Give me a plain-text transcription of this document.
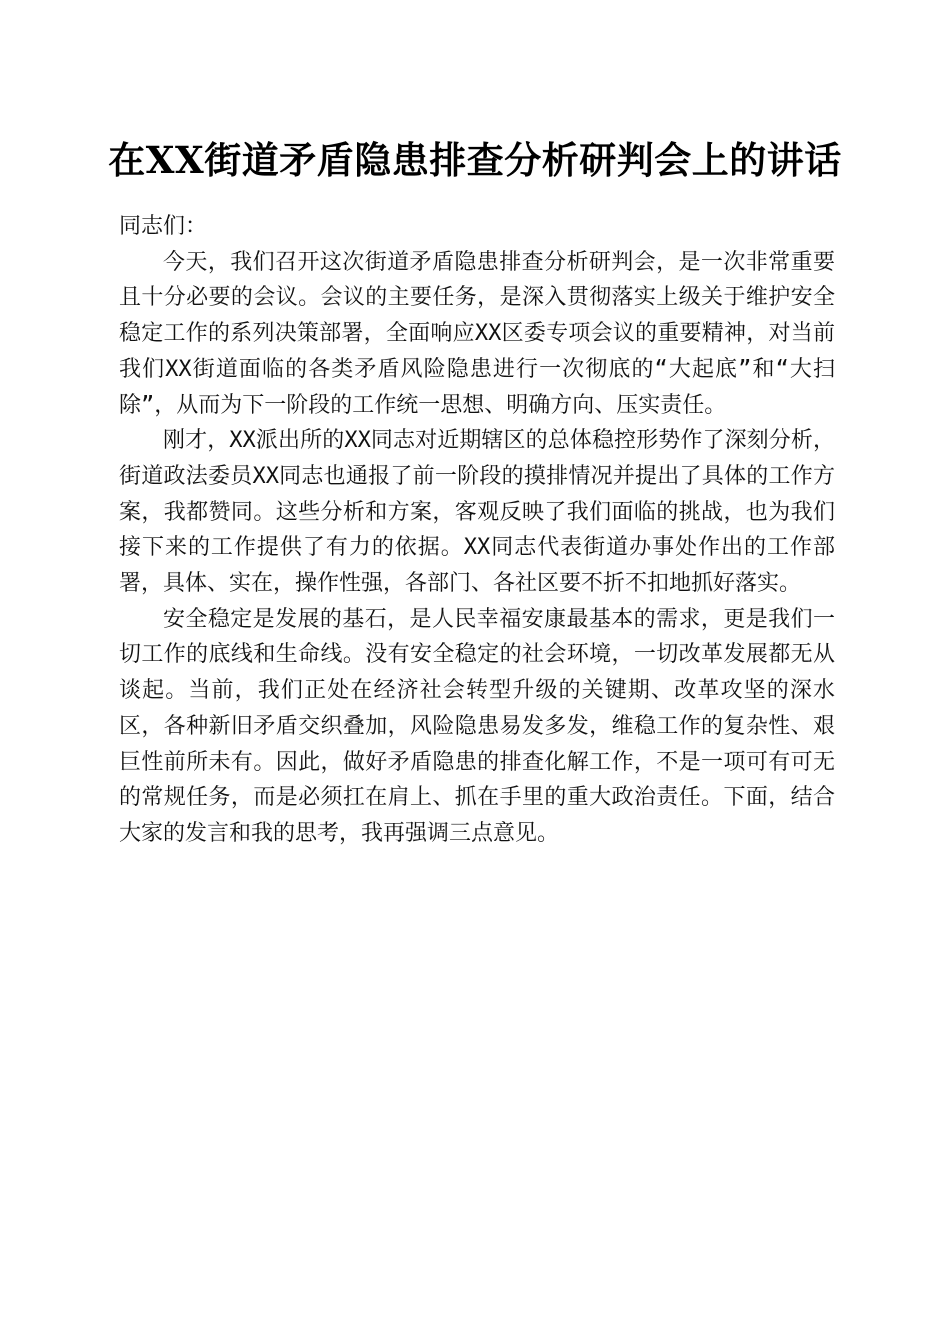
在XX街道矛盾隐患排查分析研判会上的讲话

同志们：

今天，我们召开这次街道矛盾隐患排查分析研判会，是一次非常重要且十分必要的会议。会议的主要任务，是深入贯彻落实上级关于维护安全稳定工作的系列决策部署，全面响应XX区委专项会议的重要精神，对当前我们XX街道面临的各类矛盾风险隐患进行一次彻底的“大起底”和“大扫除”，从而为下一阶段的工作统一思想、明确方向、压实责任。

刚才，XX派出所的XX同志对近期辖区的总体稳控形势作了深刻分析，街道政法委员XX同志也通报了前一阶段的摸排情况并提出了具体的工作方案，我都赞同。这些分析和方案，客观反映了我们面临的挑战，也为我们接下来的工作提供了有力的依据。XX同志代表街道办事处作出的工作部署，具体、实在，操作性强，各部门、各社区要不折不扣地抓好落实。

安全稳定是发展的基石，是人民幸福安康最基本的需求，更是我们一切工作的底线和生命线。没有安全稳定的社会环境，一切改革发展都无从谈起。当前，我们正处在经济社会转型升级的关键期、改革攻坚的深水区，各种新旧矛盾交织叠加，风险隐患易发多发，维稳工作的复杂性、艰巨性前所未有。因此，做好矛盾隐患的排查化解工作，不是一项可有可无的常规任务，而是必须扛在肩上、抓在手里的重大政治责任。下面，结合大家的发言和我的思考，我再强调三点意见。
